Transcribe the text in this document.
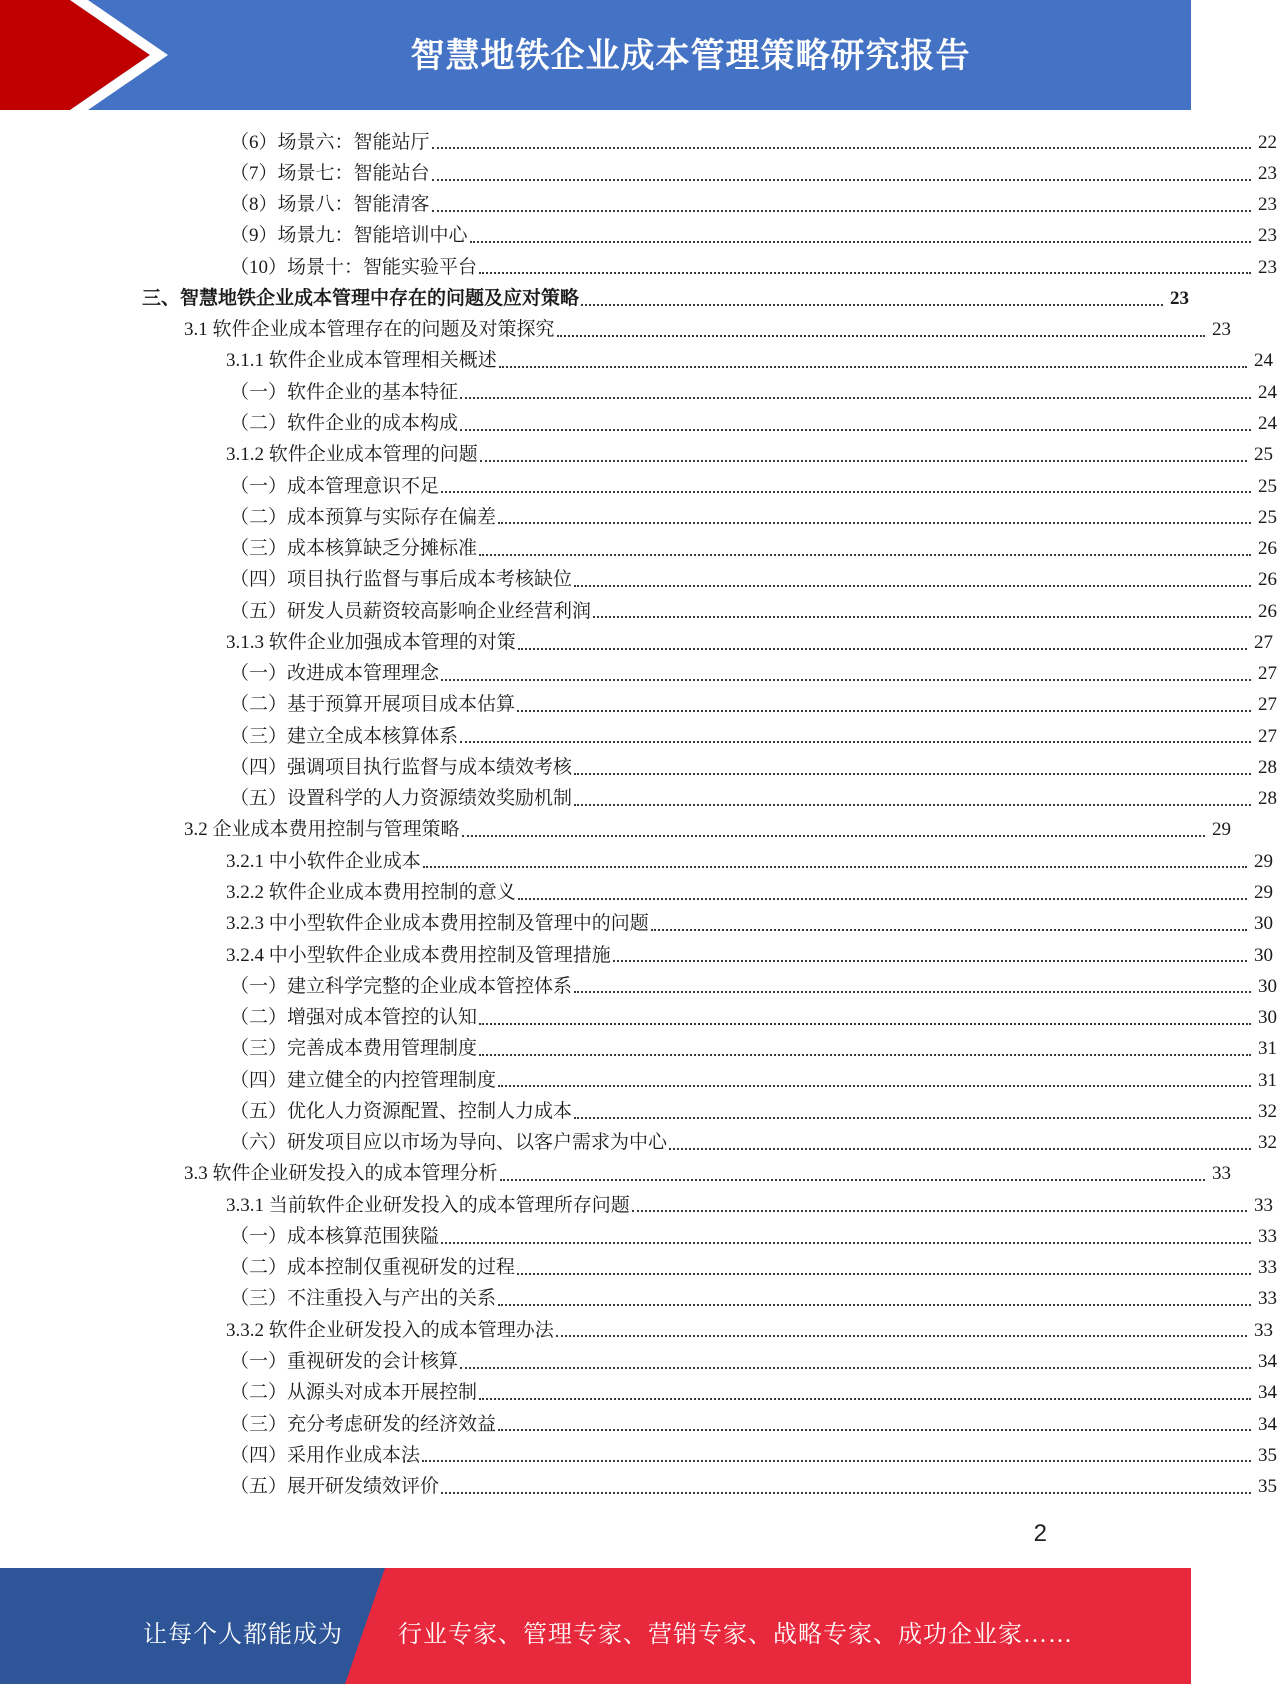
智慧地铁企业成本管理策略研究报告
（6）场景六：智能站厅	22
（7）场景七：智能站台	23
（8）场景八：智能清客	23
（9）场景九：智能培训中心	23
（10）场景十：智能实验平台	23
三、智慧地铁企业成本管理中存在的问题及应对策略	23
3.1 软件企业成本管理存在的问题及对策探究	23
3.1.1 软件企业成本管理相关概述	24
（一）软件企业的基本特征	24
（二）软件企业的成本构成	24
3.1.2 软件企业成本管理的问题	25
（一）成本管理意识不足	25
（二）成本预算与实际存在偏差	25
（三）成本核算缺乏分摊标准	26
（四）项目执行监督与事后成本考核缺位	26
（五）研发人员薪资较高影响企业经营利润	26
3.1.3 软件企业加强成本管理的对策	27
（一）改进成本管理理念	27
（二）基于预算开展项目成本估算	27
（三）建立全成本核算体系	27
（四）强调项目执行监督与成本绩效考核	28
（五）设置科学的人力资源绩效奖励机制	28
3.2 企业成本费用控制与管理策略	29
3.2.1 中小软件企业成本	29
3.2.2 软件企业成本费用控制的意义	29
3.2.3 中小型软件企业成本费用控制及管理中的问题	30
3.2.4 中小型软件企业成本费用控制及管理措施	30
（一）建立科学完整的企业成本管控体系	30
（二）增强对成本管控的认知	30
（三）完善成本费用管理制度	31
（四）建立健全的内控管理制度	31
（五）优化人力资源配置、控制人力成本	32
（六）研发项目应以市场为导向、以客户需求为中心	32
3.3 软件企业研发投入的成本管理分析	33
3.3.1 当前软件企业研发投入的成本管理所存问题	33
（一）成本核算范围狭隘	33
（二）成本控制仅重视研发的过程	33
（三）不注重投入与产出的关系	33
3.3.2 软件企业研发投入的成本管理办法	33
（一）重视研发的会计核算	34
（二）从源头对成本开展控制	34
（三）充分考虑研发的经济效益	34
（四）采用作业成本法	35
（五）展开研发绩效评价	35
2
让每个人都能成为 行业专家、管理专家、营销专家、战略专家、成功企业家……
